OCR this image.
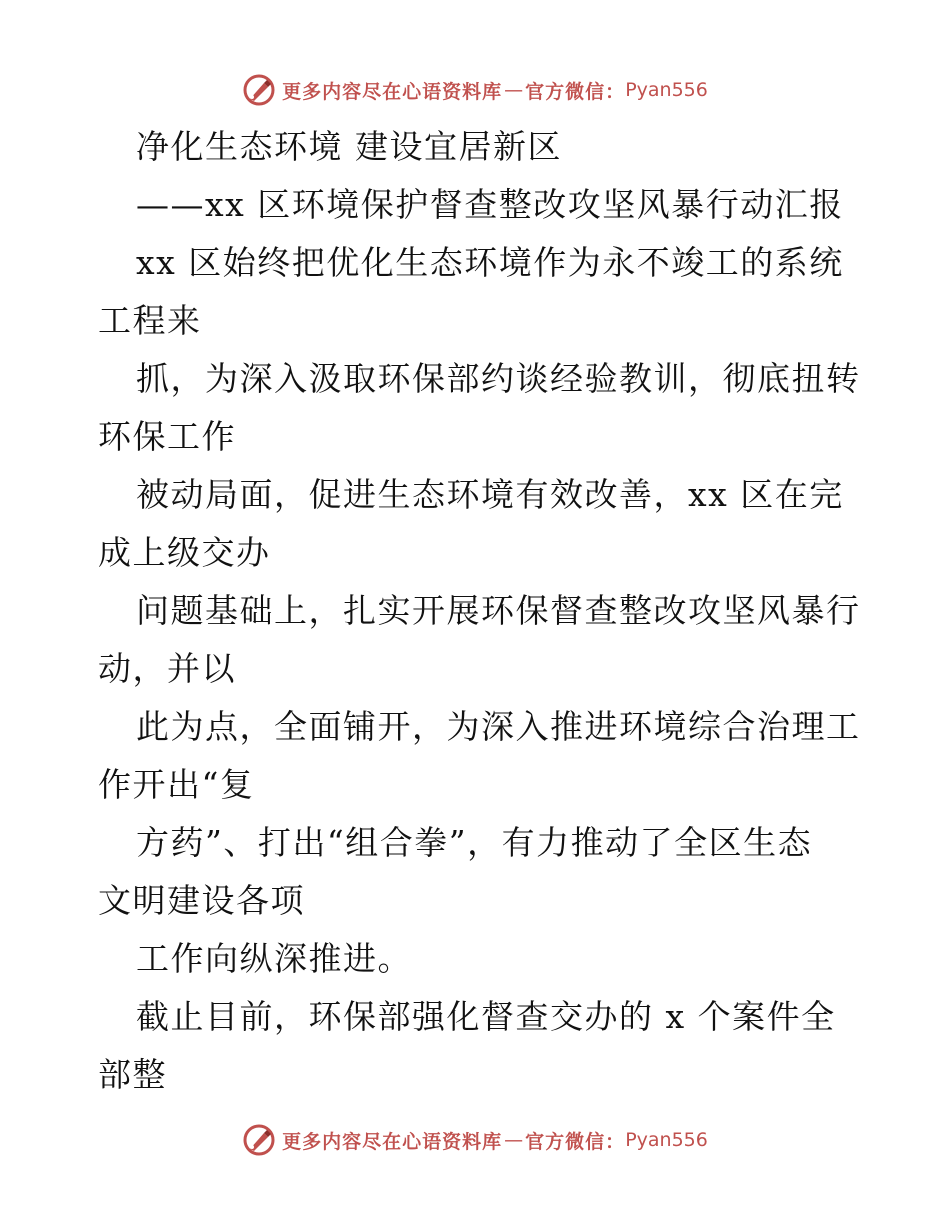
更多内容尽在心语资料库 — 官方微信： Pyan556
净化生态环境 建设宜居新区
——xx 区环境保护督查整改攻坚风暴行动汇报
xx 区始终把优化生态环境作为永不竣工的系统
工程来
抓，为深入汲取环保部约谈经验教训，彻底扭转
环保工作
被动局面，促进生态环境有效改善，xx 区在完
成上级交办
问题基础上，扎实开展环保督查整改攻坚风暴行
动，并以
此为点，全面铺开，为深入推进环境综合治理工
作开出“复
方药”、打出“组合拳”，有力推动了全区生态
文明建设各项
工作向纵深推进。
截止目前，环保部强化督查交办的 x 个案件全
部整
更多内容尽在心语资料库 — 官方微信： Pyan556
